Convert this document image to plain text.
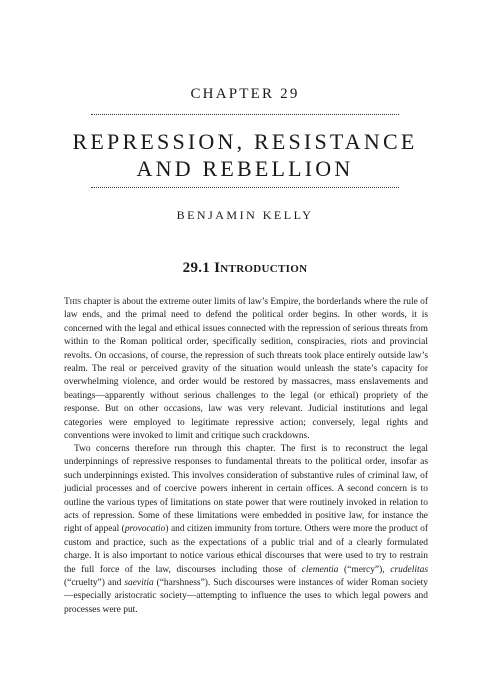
CHAPTER 29
REPRESSION, RESISTANCE
AND REBELLION
BENJAMIN KELLY
29.1 Introduction

This chapter is about the extreme outer limits of law’s Empire, the borderlands where the rule of law ends, and the primal need to defend the political order begins. In other words, it is concerned with the legal and ethical issues connected with the repression of serious threats from within to the Roman political order, specifically sedition, conspiracies, riots and provincial revolts. On occasions, of course, the repression of such threats took place entirely outside law’s realm. The real or perceived gravity of the situation would unleash the state’s capacity for overwhelming violence, and order would be restored by massacres, mass enslavements and beatings—apparently without serious challenges to the legal (or ethical) propriety of the response. But on other occasions, law was very relevant. Judicial institutions and legal categories were employed to legitimate repressive action; conversely, legal rights and conventions were invoked to limit and critique such crackdowns.

Two concerns therefore run through this chapter. The first is to reconstruct the legal underpinnings of repressive responses to fundamental threats to the political order, insofar as such underpinnings existed. This involves consideration of substantive rules of criminal law, of judicial processes and of coercive powers inherent in certain offices. A second concern is to outline the various types of limitations on state power that were routinely invoked in relation to acts of repression. Some of these limitations were embedded in positive law, for instance the right of appeal (provocatio) and citizen immunity from torture. Others were more the product of custom and practice, such as the expectations of a public trial and of a clearly formulated charge. It is also important to notice various ethical discourses that were used to try to restrain the full force of the law, discourses including those of clementia (“mercy”), crudelitas (“cruelty”) and saevitia (“harshness”). Such discourses were instances of wider Roman society—especially aristocratic society—attempting to influence the uses to which legal powers and processes were put.
